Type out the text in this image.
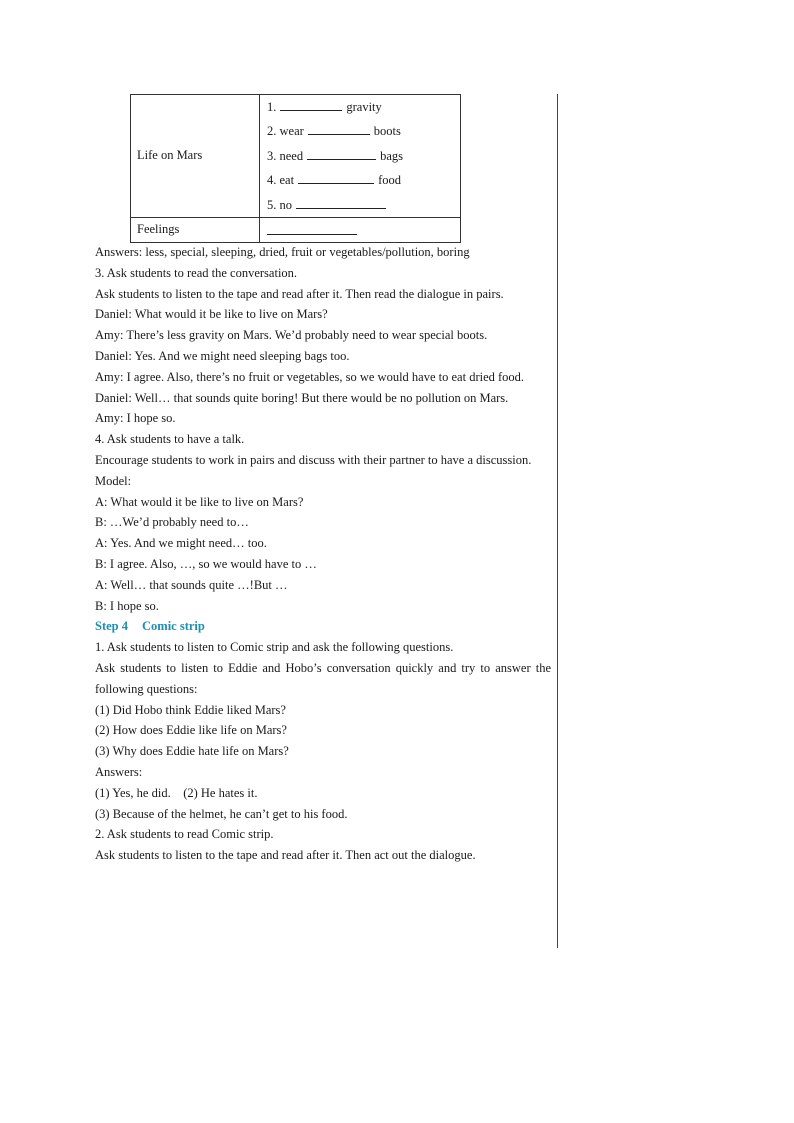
Life on Mars	1. gravity
2. wear boots
3. need bags
4. eat food
5. no

Feelings	

Answers: less, special, sleeping, dried, fruit or vegetables/pollution, boring

3. Ask students to read the conversation.

Ask students to listen to the tape and read after it. Then read the dialogue in pairs.

Daniel: What would it be like to live on Mars?

Amy: There’s less gravity on Mars. We’d probably need to wear special boots.

Daniel: Yes. And we might need sleeping bags too.

Amy: I agree. Also, there’s no fruit or vegetables, so we would have to eat dried food.

Daniel: Well… that sounds quite boring! But there would be no pollution on Mars.

Amy: I hope so.

4. Ask students to have a talk.

Encourage students to work in pairs and discuss with their partner to have a discussion.

Model:

A: What would it be like to live on Mars?

B: …We’d probably need to…

A: Yes. And we might need… too.

B: I agree. Also, …, so we would have to …

A: Well… that sounds quite …!But …

B: I hope so.

Step 4 Comic strip

1. Ask students to listen to Comic strip and ask the following questions.

Ask students to listen to Eddie and Hobo’s conversation quickly and try to answer the following questions:

(1) Did Hobo think Eddie liked Mars?

(2) How does Eddie like life on Mars?

(3) Why does Eddie hate life on Mars?

Answers:

(1) Yes, he did.    (2) He hates it.

(3) Because of the helmet, he can’t get to his food.

2. Ask students to read Comic strip.

Ask students to listen to the tape and read after it. Then act out the dialogue.
